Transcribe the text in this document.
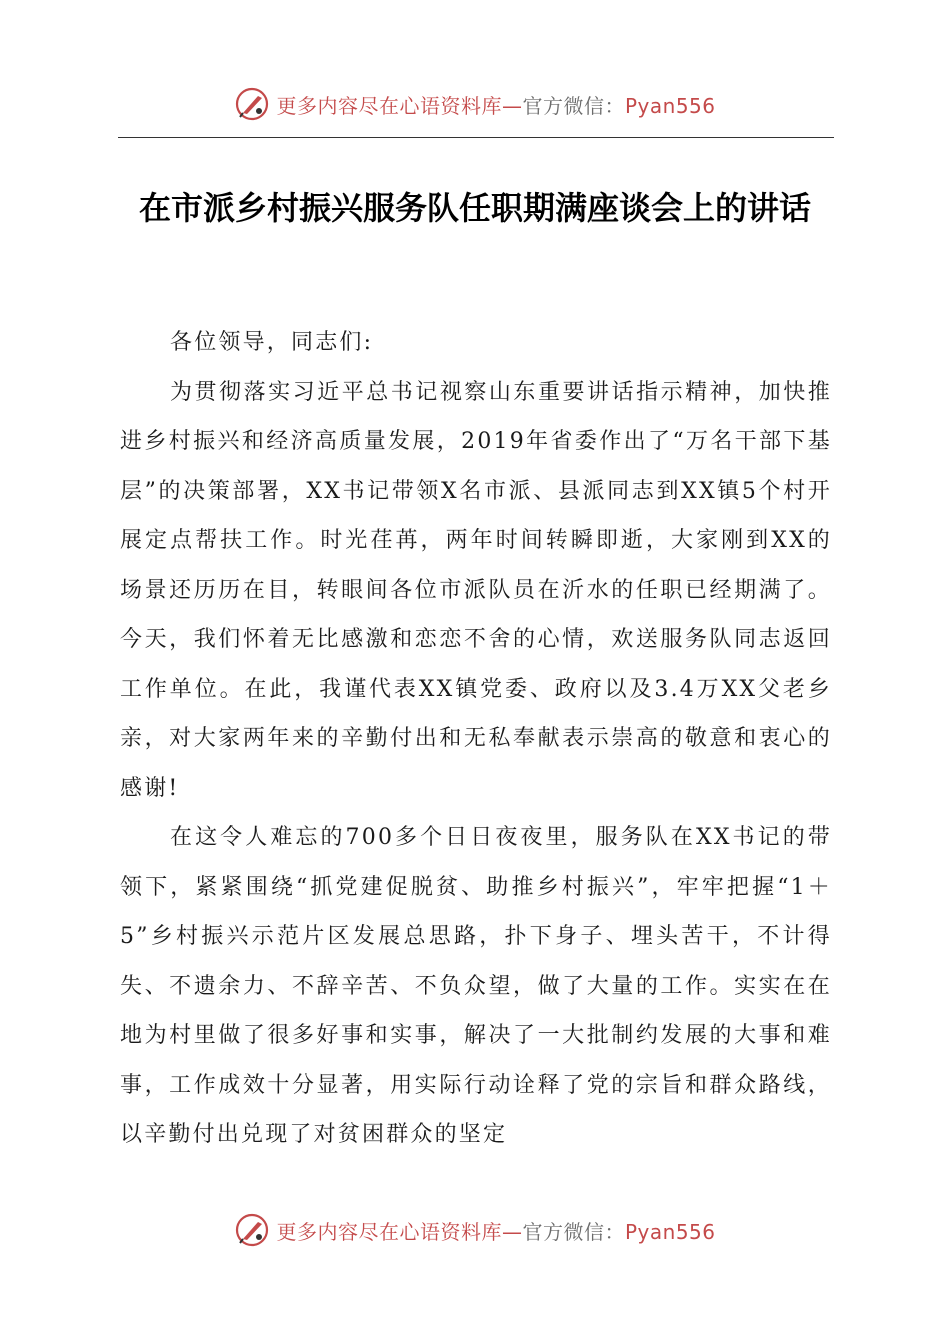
更多内容尽在心语资料库—官方微信：Pyan556
在市派乡村振兴服务队任职期满座谈会上的讲话

各位领导，同志们:

为贯彻落实习近平总书记视察山东重要讲话指示精神，加快推进乡村振兴和经济高质量发展，2019年省委作出了“万名干部下基层”的决策部署，XX书记带领X名市派、县派同志到XX镇5个村开展定点帮扶工作。时光荏苒，两年时间转瞬即逝，大家刚到XX的场景还历历在目，转眼间各位市派队员在沂水的任职已经期满了。今天，我们怀着无比感激和恋恋不舍的心情，欢送服务队同志返回工作单位。在此，我谨代表XX镇党委、政府以及3.4万XX父老乡亲，对大家两年来的辛勤付出和无私奉献表示崇高的敬意和衷心的感谢!

在这令人难忘的700多个日日夜夜里，服务队在XX书记的带领下，紧紧围绕“抓党建促脱贫、助推乡村振兴”，牢牢把握“1＋5”乡村振兴示范片区发展总思路，扑下身子、埋头苦干，不计得失、不遗余力、不辞辛苦、不负众望，做了大量的工作。实实在在地为村里做了很多好事和实事，解决了一大批制约发展的大事和难事，工作成效十分显著，用实际行动诠释了党的宗旨和群众路线，以辛勤付出兑现了对贫困群众的坚定

更多内容尽在心语资料库—官方微信：Pyan556
